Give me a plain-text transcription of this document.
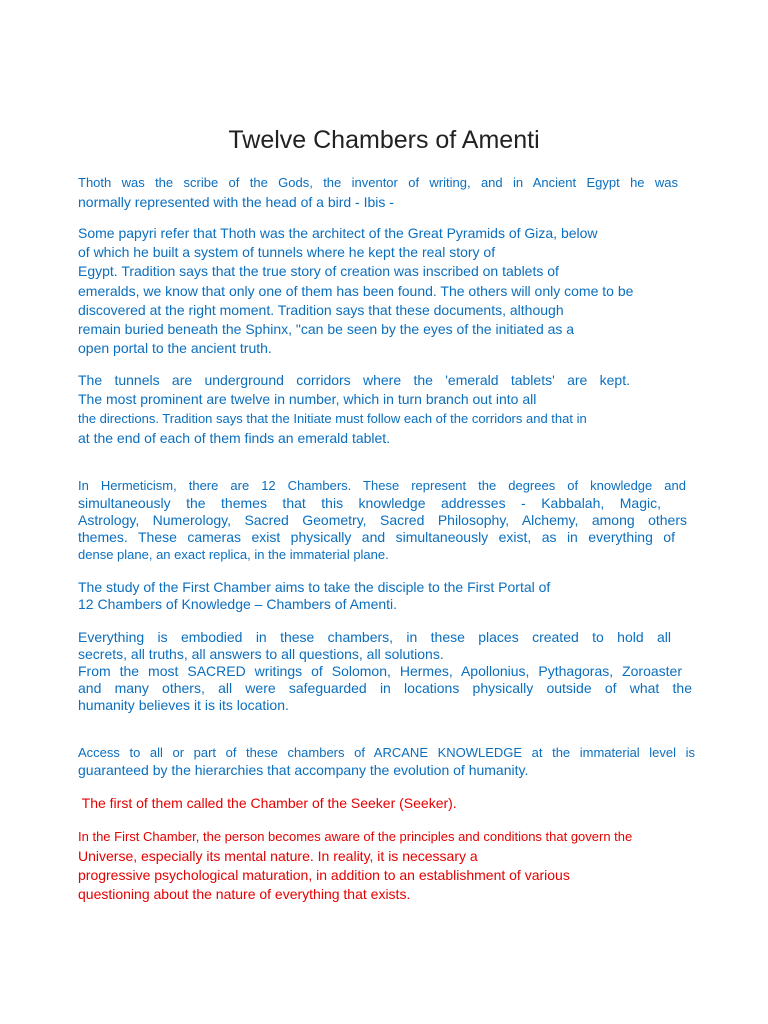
Twelve Chambers of Amenti
Thoth was the scribe of the Gods, the inventor of writing, and in Ancient Egypt he was
normally represented with the head of a bird - Ibis -
Some papyri refer that Thoth was the architect of the Great Pyramids of Giza, below
of which he built a system of tunnels where he kept the real story of
Egypt. Tradition says that the true story of creation was inscribed on tablets of
emeralds, we know that only one of them has been found. The others will only come to be
discovered at the right moment. Tradition says that these documents, although
remain buried beneath the Sphinx, "can be seen by the eyes of the initiated as a
open portal to the ancient truth.
The tunnels are underground corridors where the 'emerald tablets' are kept.
The most prominent are twelve in number, which in turn branch out into all
the directions. Tradition says that the Initiate must follow each of the corridors and that in
at the end of each of them finds an emerald tablet.
In Hermeticism, there are 12 Chambers. These represent the degrees of knowledge and
simultaneously the themes that this knowledge addresses - Kabbalah, Magic,
Astrology, Numerology, Sacred Geometry, Sacred Philosophy, Alchemy, among others
themes. These cameras exist physically and simultaneously exist, as in everything of
dense plane, an exact replica, in the immaterial plane.
The study of the First Chamber aims to take the disciple to the First Portal of
12 Chambers of Knowledge – Chambers of Amenti.
Everything is embodied in these chambers, in these places created to hold all
secrets, all truths, all answers to all questions, all solutions.
From the most SACRED writings of Solomon, Hermes, Apollonius, Pythagoras, Zoroaster
and many others, all were safeguarded in locations physically outside of what the
humanity believes it is its location.
Access to all or part of these chambers of ARCANE KNOWLEDGE at the immaterial level is
guaranteed by the hierarchies that accompany the evolution of humanity.
The first of them called the Chamber of the Seeker (Seeker).
In the First Chamber, the person becomes aware of the principles and conditions that govern the
Universe, especially its mental nature. In reality, it is necessary a
progressive psychological maturation, in addition to an establishment of various
questioning about the nature of everything that exists.
